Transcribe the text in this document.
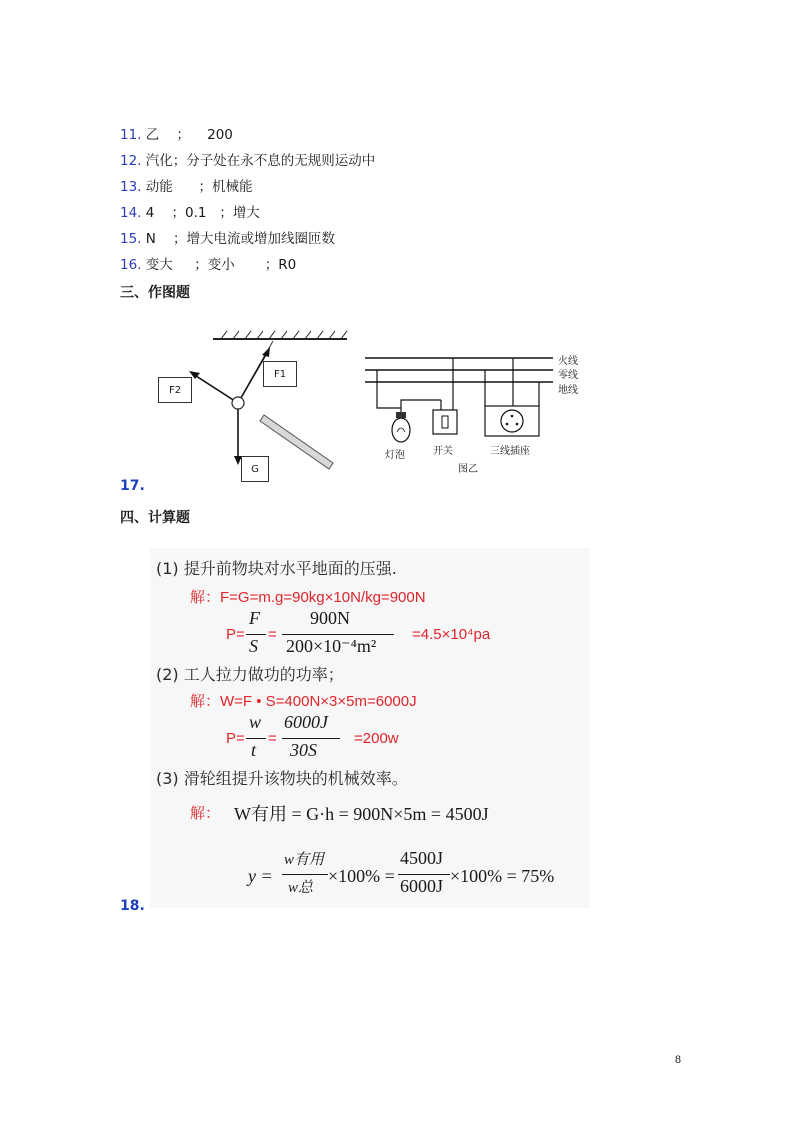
11. 乙    ；    200
12. 汽化；分子处在永不息的无规则运动中
13. 动能      ；机械能
14. 4    ；0.1   ；增大
15. N    ；增大电流或增加线圈匝数
16. 变大     ；变小       ；R0
三、作图题
F2
F1
G
火线
零线
地线
灯泡	开关	三线插座
图乙
17.
四、计算题
(1) 提升前物块对水平地面的压强.
解：F=G=m.g=90kg×10N/kg=900N
P=
F
S
=
900N
200×10⁻⁴m²
=4.5×10⁴pa
(2) 工人拉力做功的功率；
解：W=F • S=400N×3×5m=6000J
P=
w
t
=
6000J
30S
=200w
(3) 滑轮组提升该物块的机械效率。
解： W有用 = G·h = 900N×5m = 4500J
y =
w有用
w总
×100% =
4500J
6000J ×100% = 75%
18.
8
